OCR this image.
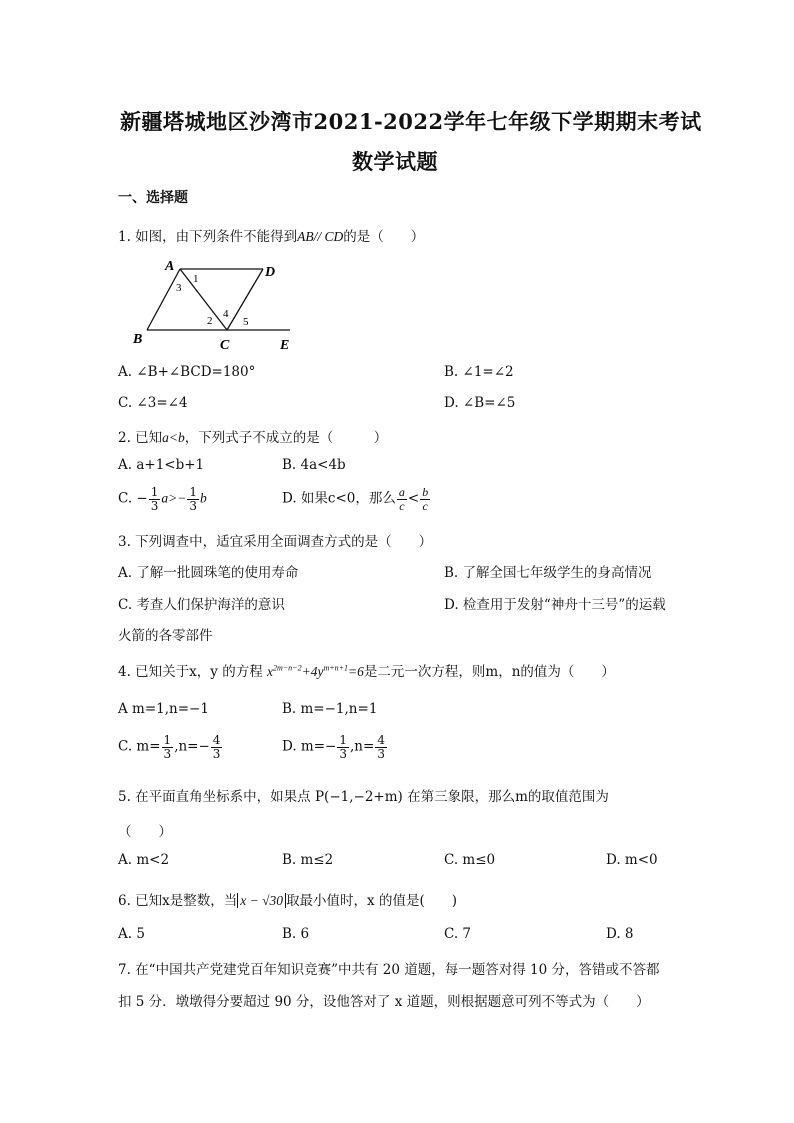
新疆塔城地区沙湾市2021-2022学年七年级下学期期末考试
数学试题
一、选择题
1. 如图，由下列条件不能得到AB// CD的是（　　）
A	D
B	C	E
1
3
2
4
5
A. ∠B+∠BCD=180°	B. ∠1=∠2
C. ∠3=∠4	D. ∠B=∠5
2. 已知a<b，下列式子不成立的是（　　　）
A. a+1<b+1	B. 4a<4b
C. − $\frac{1}{3} a>- \frac{1}{3}$ b	D. 如果c<0，那么 $\frac{a}{c} < \frac{b}{c}$
3. 下列调查中，适宜采用全面调查方式的是（　　）
A. 了解一批圆珠笔的使用寿命	B. 了解全国七年级学生的身高情况
C. 考查人们保护海洋的意识	D. 检查用于发射“神舟十三号”的运载
火箭的各零部件
4. 已知关于x，y 的方程 $x^{2m-n-2}+4y^{m+n+1}=6$是二元一次方程，则m，n的值为（　　）
A m=1,n=−1	B. m=−1,n=1
C. $m= \frac{1}{3} ,n=- \frac{4}{3}$	D. $m=- \frac{1}{3} ,n= \frac{4}{3}$
5. 在平面直角坐标系中，如果点 P(−1,−2+m) 在第三象限，那么m的取值范围为
（　　）
A. m<2	B. m≤2	C. m≤0	D. m<0
6. 已知x是整数，当 x − √30 取最小值时，x 的值是(　　)
A. 5	B. 6	C. 7	D. 8
7. 在“中国共产党建党百年知识竞赛”中共有 20 道题，每一题答对得 10 分，答错或不答都
扣 5 分．墩墩得分要超过 90 分，设他答对了 x 道题，则根据题意可列不等式为（　　）
